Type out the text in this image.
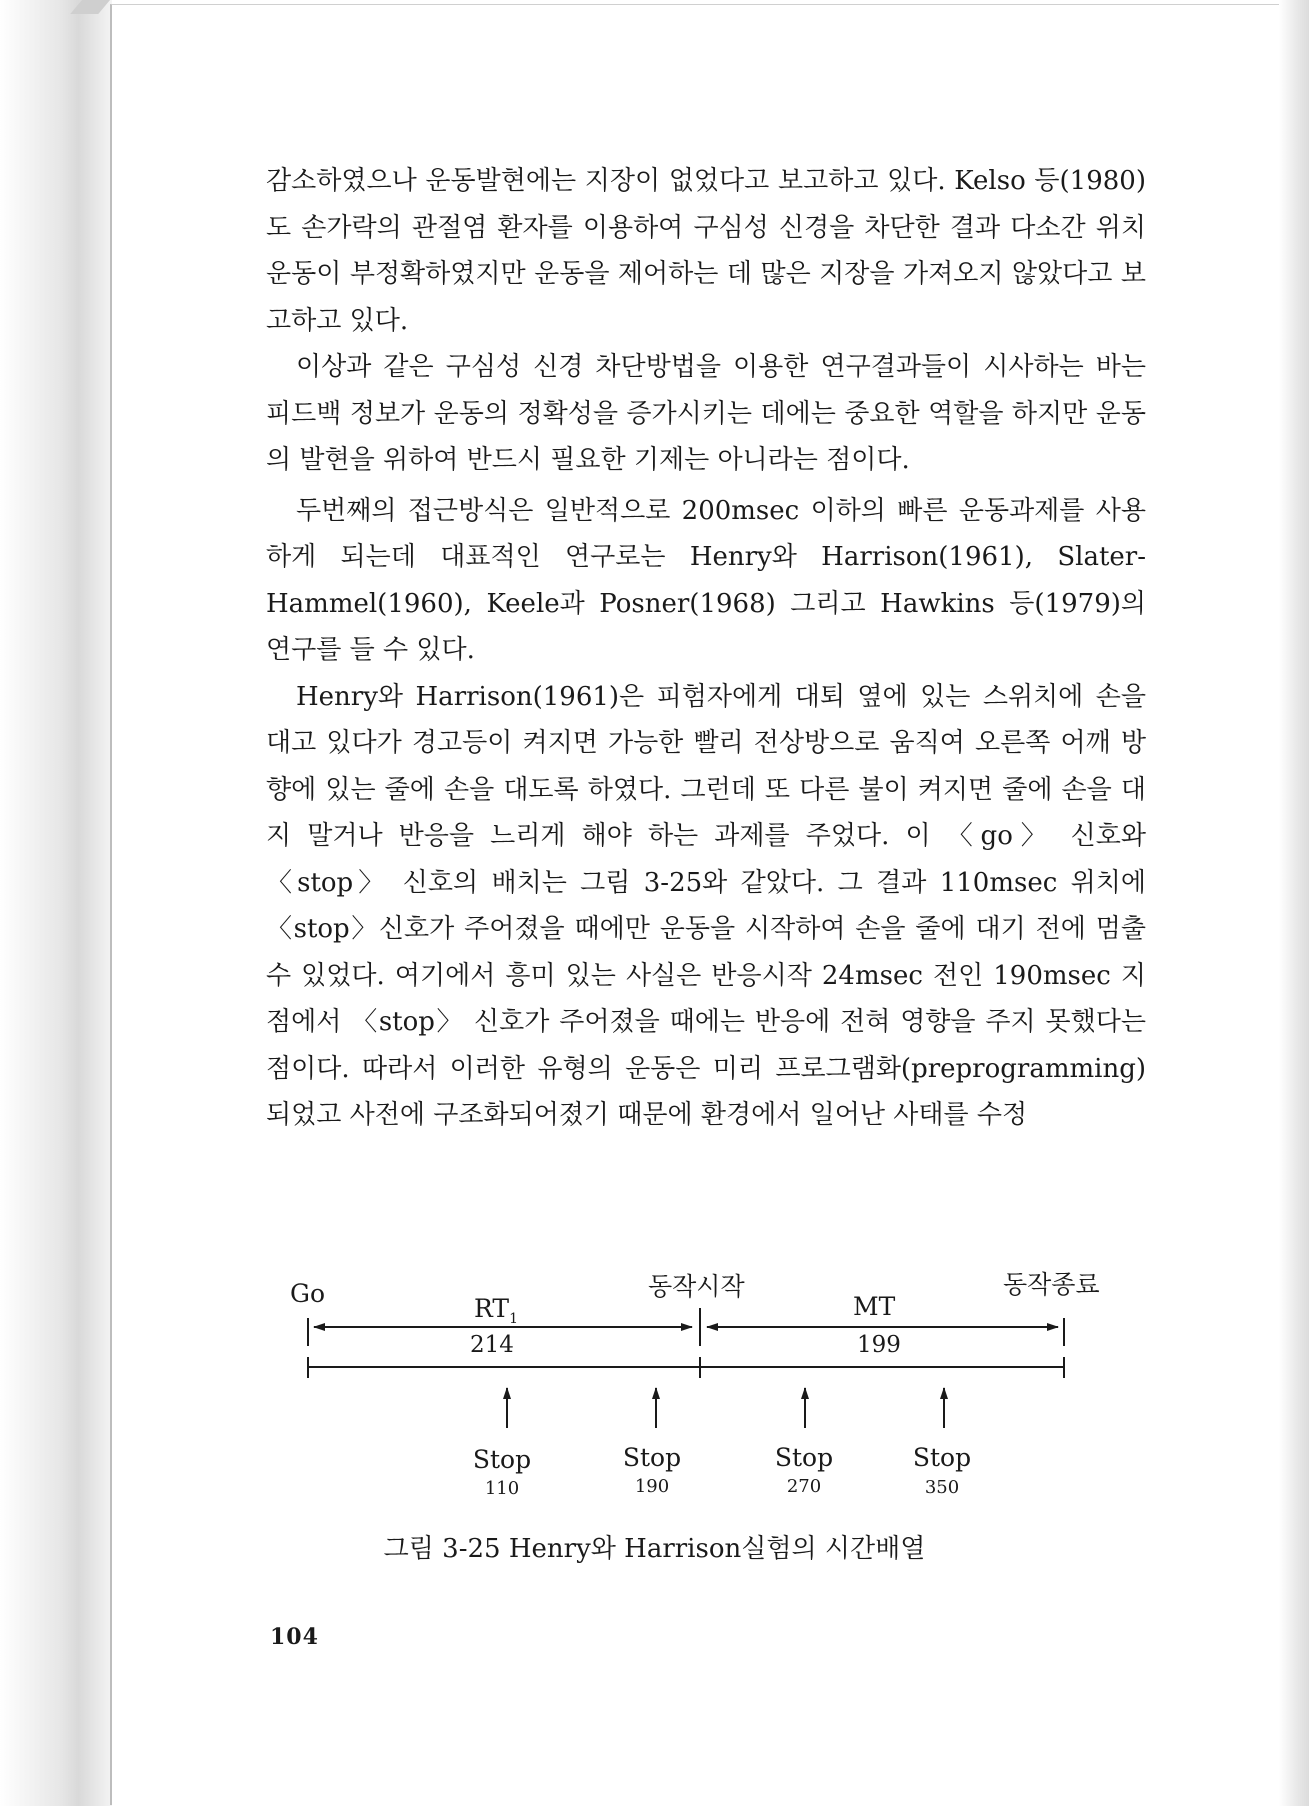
감소하였으나 운동발현에는 지장이 없었다고 보고하고 있다. Kelso 등(1980)도 손가락의 관절염 환자를 이용하여 구심성 신경을 차단한 결과 다소간 위치운동이 부정확하였지만 운동을 제어하는 데 많은 지장을 가져오지 않았다고 보고하고 있다.

이상과 같은 구심성 신경 차단방법을 이용한 연구결과들이 시사하는 바는 피드백 정보가 운동의 정확성을 증가시키는 데에는 중요한 역할을 하지만 운동의 발현을 위하여 반드시 필요한 기제는 아니라는 점이다.

두번째의 접근방식은 일반적으로 200msec 이하의 빠른 운동과제를 사용하게 되는데 대표적인 연구로는 Henry와 Harrison(1961), Slater-Hammel(1960), Keele과 Posner(1968) 그리고 Hawkins 등(1979)의 연구를 들 수 있다.

Henry와 Harrison(1961)은 피험자에게 대퇴 옆에 있는 스위치에 손을 대고 있다가 경고등이 켜지면 가능한 빨리 전상방으로 움직여 오른쪽 어깨 방향에 있는 줄에 손을 대도록 하였다. 그런데 또 다른 불이 켜지면 줄에 손을 대지 말거나 반응을 느리게 해야 하는 과제를 주었다. 이 〈go〉 신호와 〈stop〉 신호의 배치는 그림 3-25와 같았다. 그 결과 110msec 위치에 〈stop〉신호가 주어졌을 때에만 운동을 시작하여 손을 줄에 대기 전에 멈출 수 있었다. 여기에서 흥미 있는 사실은 반응시작 24msec 전인 190msec 지점에서 〈stop〉 신호가 주어졌을 때에는 반응에 전혀 영향을 주지 못했다는 점이다. 따라서 이러한 유형의 운동은 미리 프로그램화(preprogramming)되었고 사전에 구조화되어졌기 때문에 환경에서 일어난 사태를 수정

Go	동작시작	동작종료
$RT_1$	MT
214	199
Stop
110
Stop
190
Stop
270
Stop
350
그림 3-25 Henry와 Harrison실험의 시간배열
104
